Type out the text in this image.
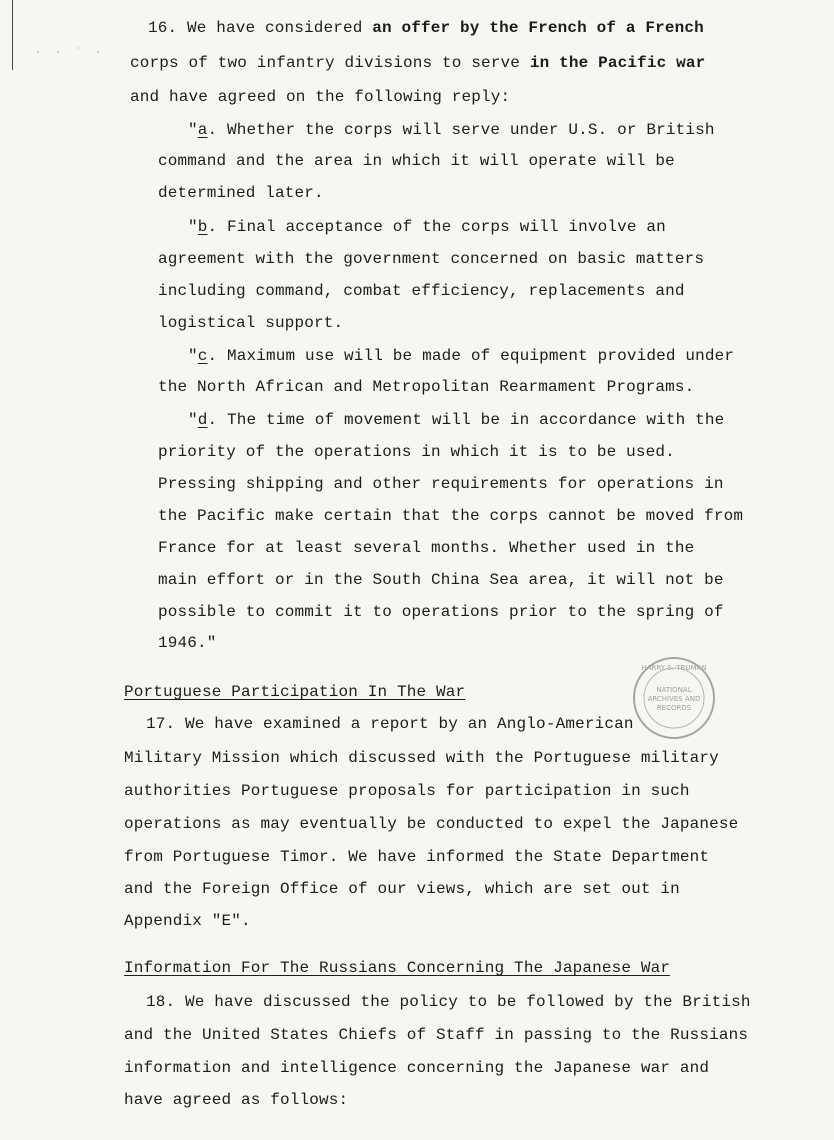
· · ˙ ·
16. We have considered an offer by the French of a French
corps of two infantry divisions to serve in the Pacific war
and have agreed on the following reply:
"a. Whether the corps will serve under U.S. or British
command and the area in which it will operate will be
determined later.
"b. Final acceptance of the corps will involve an
agreement with the government concerned on basic matters
including command, combat efficiency, replacements and
logistical support.
"c. Maximum use will be made of equipment provided under
the North African and Metropolitan Rearmament Programs.
"d. The time of movement will be in accordance with the
priority of the operations in which it is to be used.
Pressing shipping and other requirements for operations in
the Pacific make certain that the corps cannot be moved from
France for at least several months. Whether used in the
main effort or in the South China Sea area, it will not be
possible to commit it to operations prior to the spring of
1946."
Portuguese Participation In The War
17. We have examined a report by an Anglo-American
Military Mission which discussed with the Portuguese military
authorities Portuguese proposals for participation in such
operations as may eventually be conducted to expel the Japanese
from Portuguese Timor. We have informed the State Department
and the Foreign Office of our views, which are set out in
Appendix "E".
Information For The Russians Concerning The Japanese War
18. We have discussed the policy to be followed by the British
and the United States Chiefs of Staff in passing to the Russians
information and intelligence concerning the Japanese war and
have agreed as follows:
NATIONAL
ARCHIVES AND
RECORDS
HARRY S. TRUMAN
